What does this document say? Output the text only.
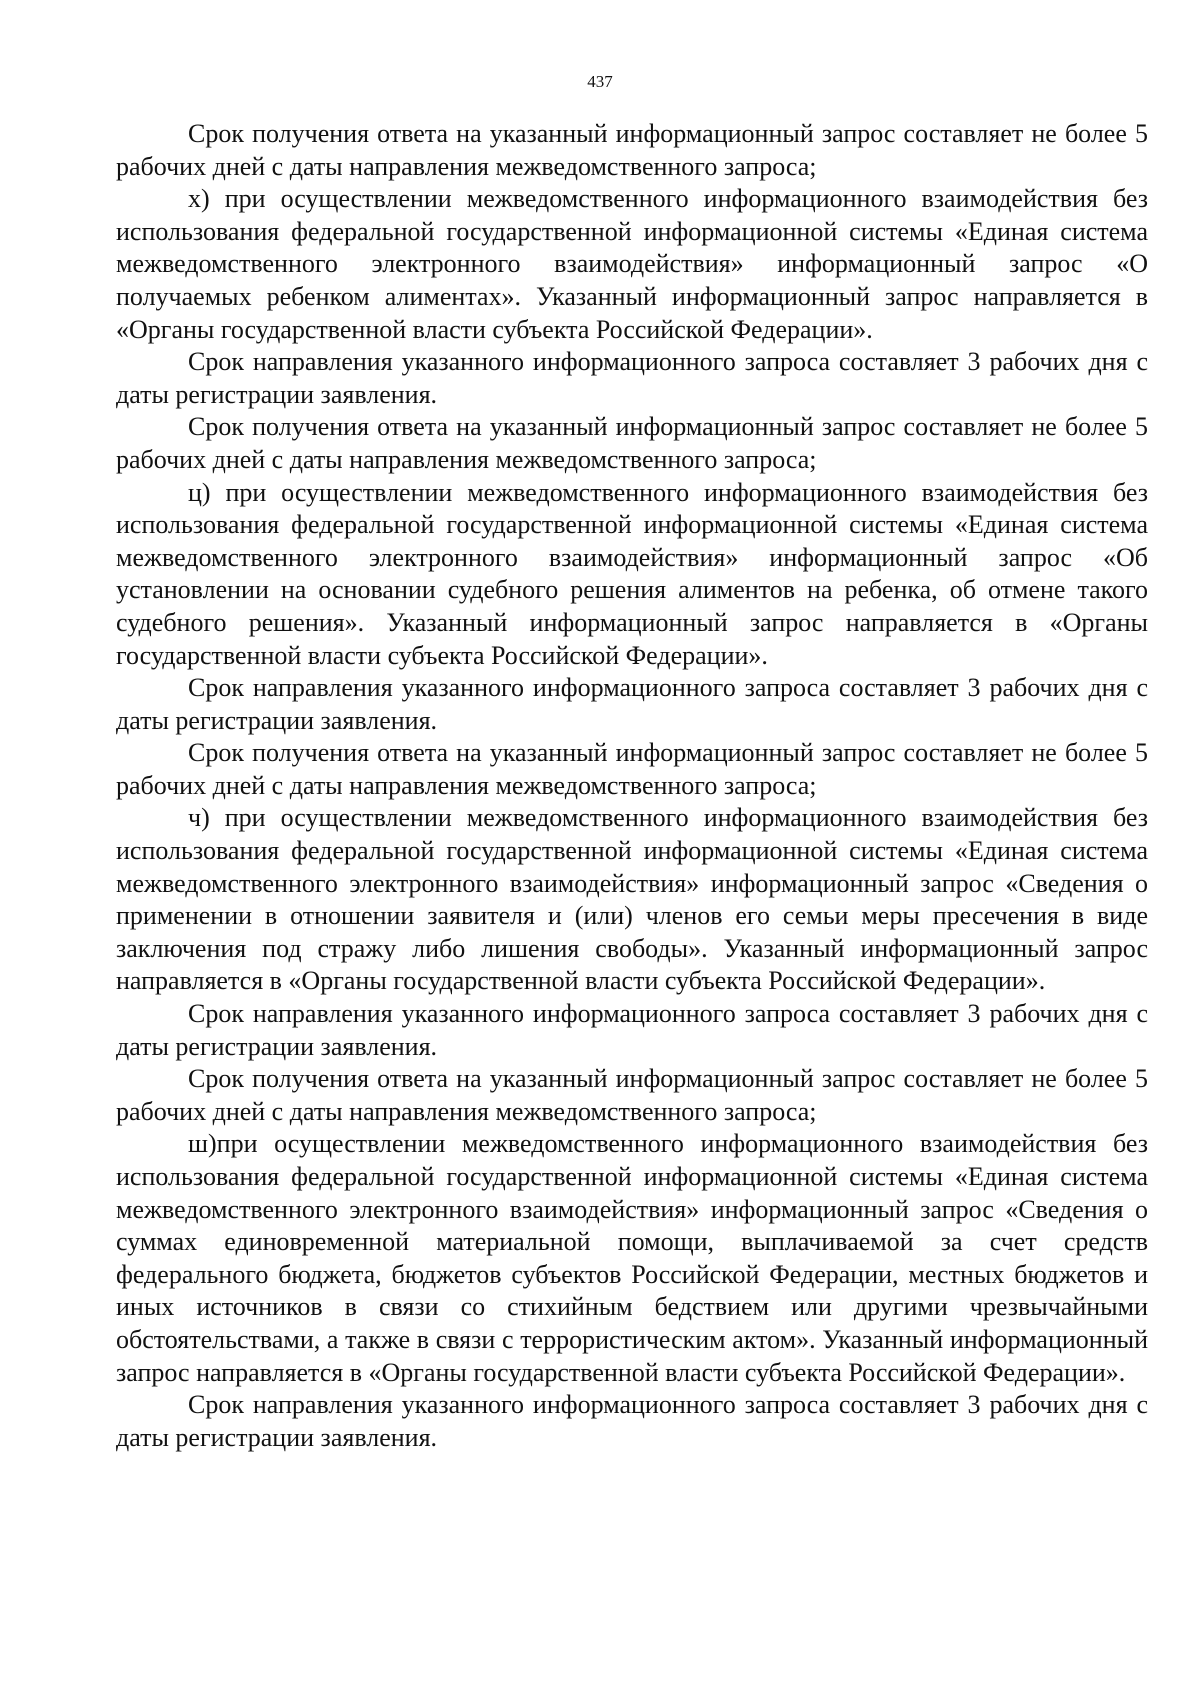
437

Срок получения ответа на указанный информационный запрос составляет не более 5 рабочих дней с даты направления межведомственного запроса;

х) при осуществлении межведомственного информационного взаимодействия без использования федеральной государственной информационной системы «Единая система межведомственного электронного взаимодействия» информационный запрос «О получаемых ребенком алиментах». Указанный информационный запрос направляется в «Органы государственной власти субъекта Российской Федерации».

Срок направления указанного информационного запроса составляет 3 рабочих дня с даты регистрации заявления.

Срок получения ответа на указанный информационный запрос составляет не более 5 рабочих дней с даты направления межведомственного запроса;

ц) при осуществлении межведомственного информационного взаимодействия без использования федеральной государственной информационной системы «Единая система межведомственного электронного взаимодействия» информационный запрос «Об установлении на основании судебного решения алиментов на ребенка, об отмене такого судебного решения». Указанный информационный запрос направляется в «Органы государственной власти субъекта Российской Федерации».

Срок направления указанного информационного запроса составляет 3 рабочих дня с даты регистрации заявления.

Срок получения ответа на указанный информационный запрос составляет не более 5 рабочих дней с даты направления межведомственного запроса;

ч) при осуществлении межведомственного информационного взаимодействия без использования федеральной государственной информационной системы «Единая система межведомственного электронного взаимодействия» информационный запрос «Сведения о применении в отношении заявителя и (или) членов его семьи меры пресечения в виде заключения под стражу либо лишения свободы». Указанный информационный запрос направляется в «Органы государственной власти субъекта Российской Федерации».

Срок направления указанного информационного запроса составляет 3 рабочих дня с даты регистрации заявления.

Срок получения ответа на указанный информационный запрос составляет не более 5 рабочих дней с даты направления межведомственного запроса;

ш)при осуществлении межведомственного информационного взаимодействия без использования федеральной государственной информационной системы «Единая система межведомственного электронного взаимодействия» информационный запрос «Сведения о суммах единовременной материальной помощи, выплачиваемой за счет средств федерального бюджета, бюджетов субъектов Российской Федерации, местных бюджетов и иных источников в связи со стихийным бедствием или другими чрезвычайными обстоятельствами, а также в связи с террористическим актом». Указанный информационный запрос направляется в «Органы государственной власти субъекта Российской Федерации».

Срок направления указанного информационного запроса составляет 3 рабочих дня с даты регистрации заявления.
